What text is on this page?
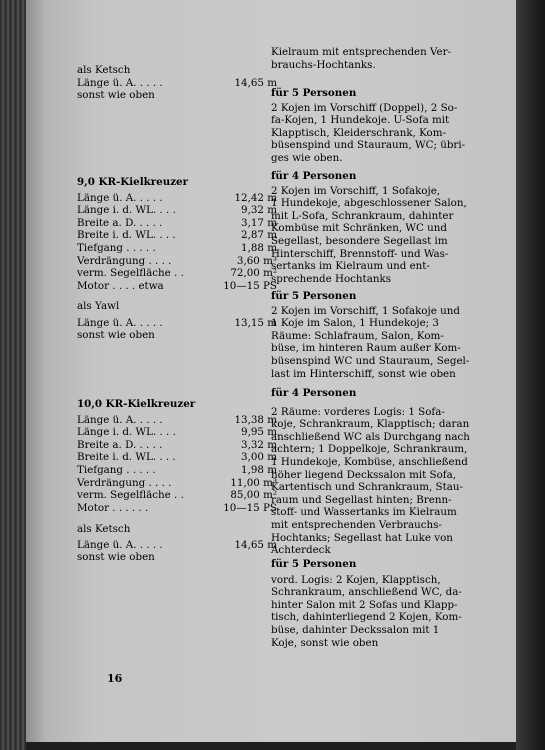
als Ketsch
Länge ü. A. . . . .	14,65 m
sonst wie oben
9,0 KR-Kielkreuzer
Länge ü. A. . . . .	12,42 m
Länge i. d. WL. . . .	9,32 m
Breite a. D. . . . .	3,17 m
Breite i. d. WL. . . .	2,87 m
Tiefgang . . . . .	1,88 m
Verdrängung . . . .	3,60 m³
verm. Segelfläche . .	72,00 m²
Motor . . . . etwa	10—15 PS
als Yawl
Länge ü. A. . . . .	13,15 m
sonst wie oben
10,0 KR-Kielkreuzer
Länge ü. A. . . . .	13,38 m
Länge i. d. WL. . . .	9,95 m
Breite a. D. . . . .	3,32 m
Breite i. d. WL. . . .	3,00 m
Tiefgang . . . . .	1,98 m
Verdrängung . . . .	11,00 m³
verm. Segelfläche . .	85,00 m²
Motor . . . . . .	10—15 PS
als Ketsch
Länge ü. A. . . . .	14,65 m
sonst wie oben
Kielraum mit entsprechenden Ver-
brauchs-Hochtanks.
für 5 Personen
2 Kojen im Vorschiff (Doppel), 2 So-
fa-Kojen, 1 Hundekoje. U-Sofa mit
Klapptisch, Kleiderschrank, Kom-
büsenspind und Stauraum, WC; übri-
ges wie oben.
für 4 Personen
2 Kojen im Vorschiff, 1 Sofakoje,
1 Hundekoje, abgeschlossener Salon,
mit L-Sofa, Schrankraum, dahinter
Kombüse mit Schränken, WC und
Segellast, besondere Segellast im
Hinterschiff, Brennstoff- und Was-
sertanks im Kielraum und ent-
sprechende Hochtanks
für 5 Personen
2 Kojen im Vorschiff, 1 Sofakoje und
1 Koje im Salon, 1 Hundekoje; 3
Räume: Schlafraum, Salon, Kom-
büse, im hinteren Raum außer Kom-
büsenspind WC und Stauraum, Segel-
last im Hinterschiff, sonst wie oben
für 4 Personen
2 Räume: vorderes Logis: 1 Sofa-
koje, Schrankraum, Klapptisch; daran
anschließend WC als Durchgang nach
achtern; 1 Doppelkoje, Schrankraum,
1 Hundekoje, Kombüse, anschließend
höher liegend Deckssalon mit Sofa,
Kartentisch und Schrankraum, Stau-
raum und Segellast hinten; Brenn-
stoff- und Wassertanks im Kielraum
mit entsprechenden Verbrauchs-
Hochtanks; Segellast hat Luke von
Achterdeck
für 5 Personen
vord. Logis: 2 Kojen, Klapptisch,
Schrankraum, anschließend WC, da-
hinter Salon mit 2 Sofas und Klapp-
tisch, dahinterliegend 2 Kojen, Kom-
büse, dahinter Deckssalon mit 1
Koje, sonst wie oben
16
